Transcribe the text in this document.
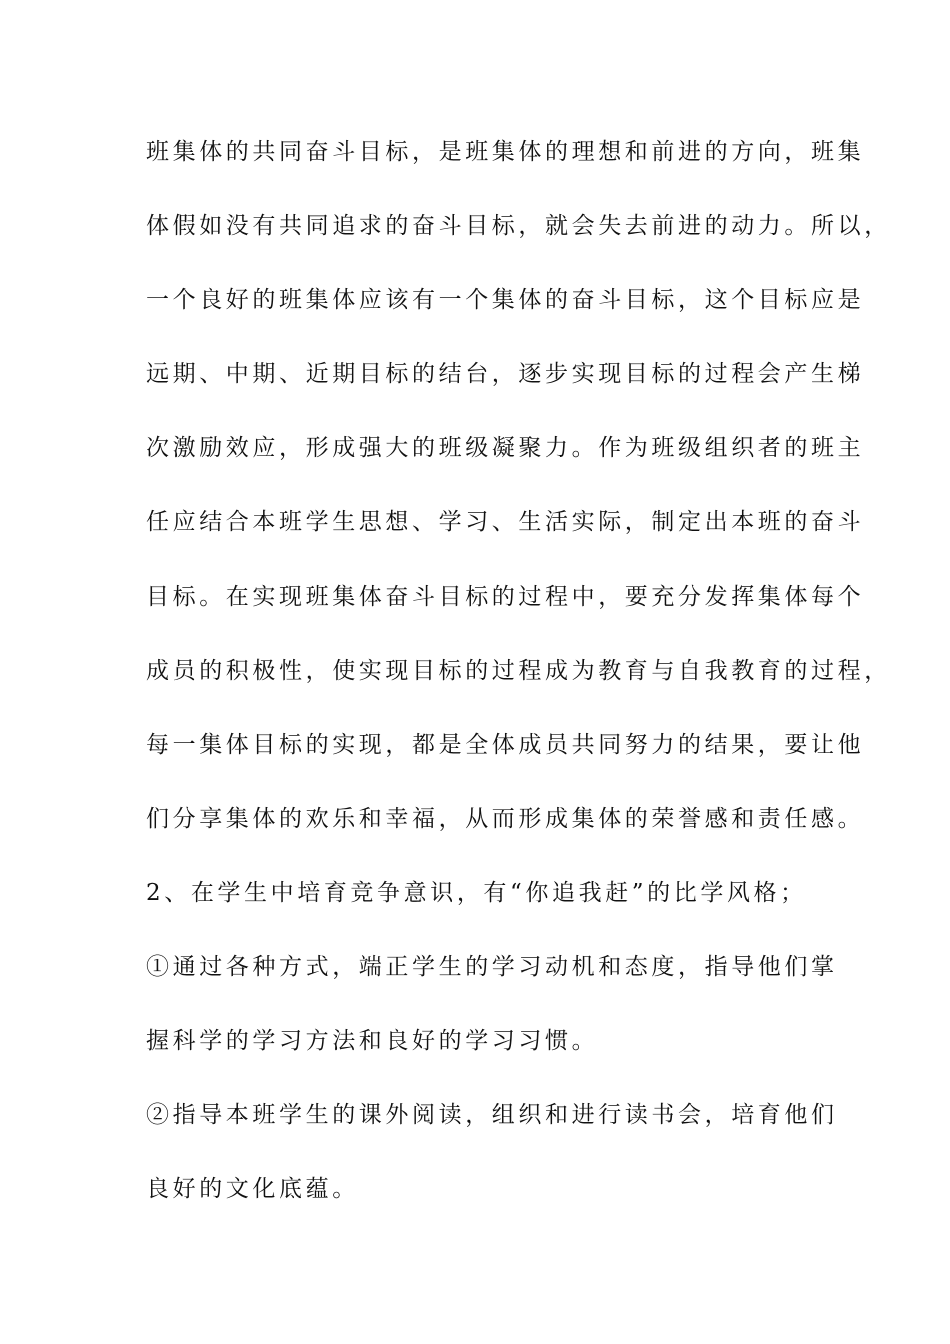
班集体的共同奋斗目标，是班集体的理想和前进的方向，班集
体假如没有共同追求的奋斗目标，就会失去前进的动力。所以，
一个良好的班集体应该有一个集体的奋斗目标，这个目标应是
远期、中期、近期目标的结台，逐步实现目标的过程会产生梯
次激励效应，形成强大的班级凝聚力。作为班级组织者的班主
任应结合本班学生思想、学习、生活实际，制定出本班的奋斗
目标。在实现班集体奋斗目标的过程中，要充分发挥集体每个
成员的积极性，使实现目标的过程成为教育与自我教育的过程，
每一集体目标的实现，都是全体成员共同努力的结果，要让他
们分享集体的欢乐和幸福，从而形成集体的荣誉感和责任感。
2、在学生中培育竞争意识，有“你追我赶”的比学风格；
①通过各种方式，端正学生的学习动机和态度，指导他们掌
握科学的学习方法和良好的学习习惯。
②指导本班学生的课外阅读，组织和进行读书会，培育他们
良好的文化底蕴。
